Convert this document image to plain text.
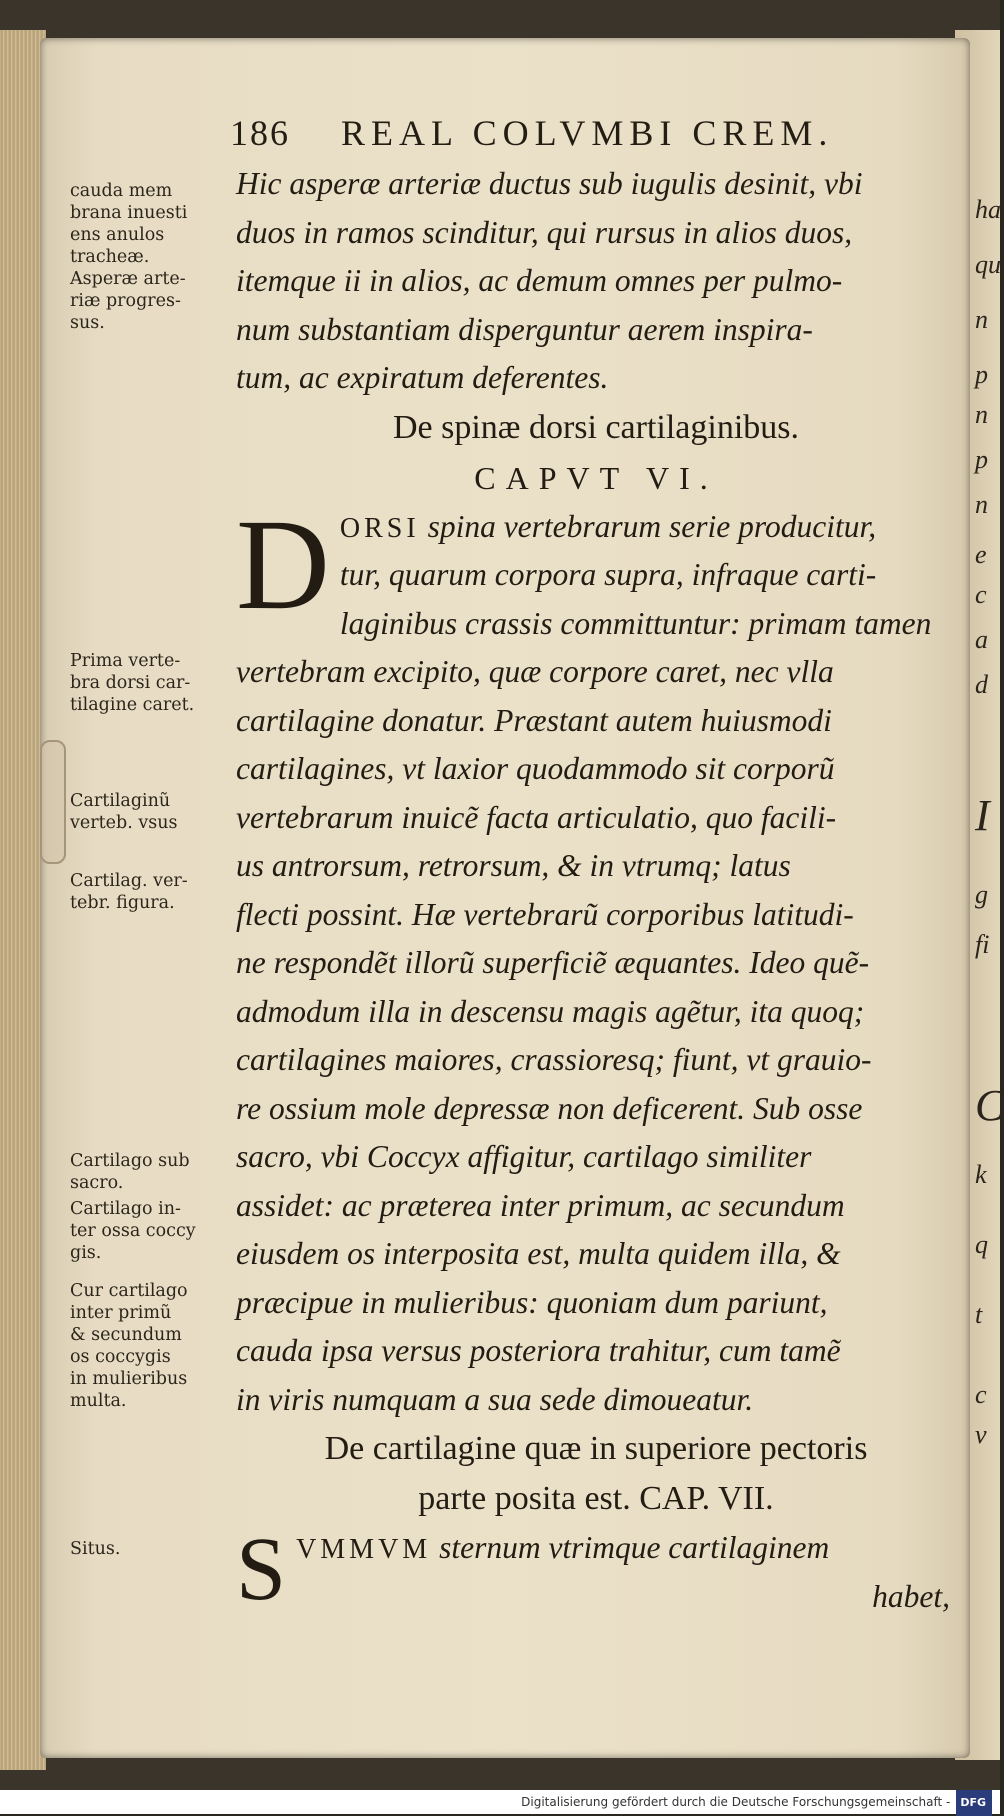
186 REAL COLVMBI CREM.
Hic asperæ arteriæ ductus sub iugulis desinit, vbi
duos in ramos scinditur, qui rursus in alios duos,
itemque ii in alios, ac demum omnes per pulmo-
num substantiam disperguntur aerem inspira-
tum, ac expiratum deferentes.
De spinæ dorsi cartilaginibus.
CAPVT VI.
D ORSI spina vertebrarum serie producitur,
tur, quarum corpora supra, infraque carti-
laginibus crassis committuntur: primam tamen
vertebram excipito, quæ corpore caret, nec vlla
cartilagine donatur. Præstant autem huiusmodi
cartilagines, vt laxior quodammodo sit corporũ
vertebrarum inuicẽ facta articulatio, quo facili-
us antrorsum, retrorsum, & in vtrumq; latus
flecti possint. Hæ vertebrarũ corporibus latitudi-
ne respondẽt illorũ superficiẽ æquantes. Ideo quẽ-
admodum illa in descensu magis agẽtur, ita quoq;
cartilagines maiores, crassioresq; fiunt, vt grauio-
re ossium mole depressæ non deficerent. Sub osse
sacro, vbi Coccyx affigitur, cartilago similiter
assidet: ac præterea inter primum, ac secundum
eiusdem os interposita est, multa quidem illa, &
præcipue in mulieribus: quoniam dum pariunt,
cauda ipsa versus posteriora trahitur, cum tamẽ
in viris numquam a sua sede dimoueatur.
De cartilagine quæ in superiore pectoris
parte posita est. CAP. VII.
S VMMVM sternum vtrimque cartilaginem
habet,
cauda mem
brana inuesti
ens anulos
tracheæ.
Asperæ arte-
riæ progres-
sus.
Prima verte-
bra dorsi car-
tilagine caret.
Cartilaginũ
verteb. vsus
Cartilag. ver-
tebr. figura.
Cartilago sub
sacro.
Cartilago in-
ter ossa coccy
gis.
Cur cartilago
inter primũ
& secundum
os coccygis
in mulieribus
multa.
Situs.
ha
qu
n
p
n
p
n
e
c
a
d
I
g
fi
C
k
q
t
c
v
Digitalisierung gefördert durch die Deutsche Forschungsgemeinschaft - DFG
